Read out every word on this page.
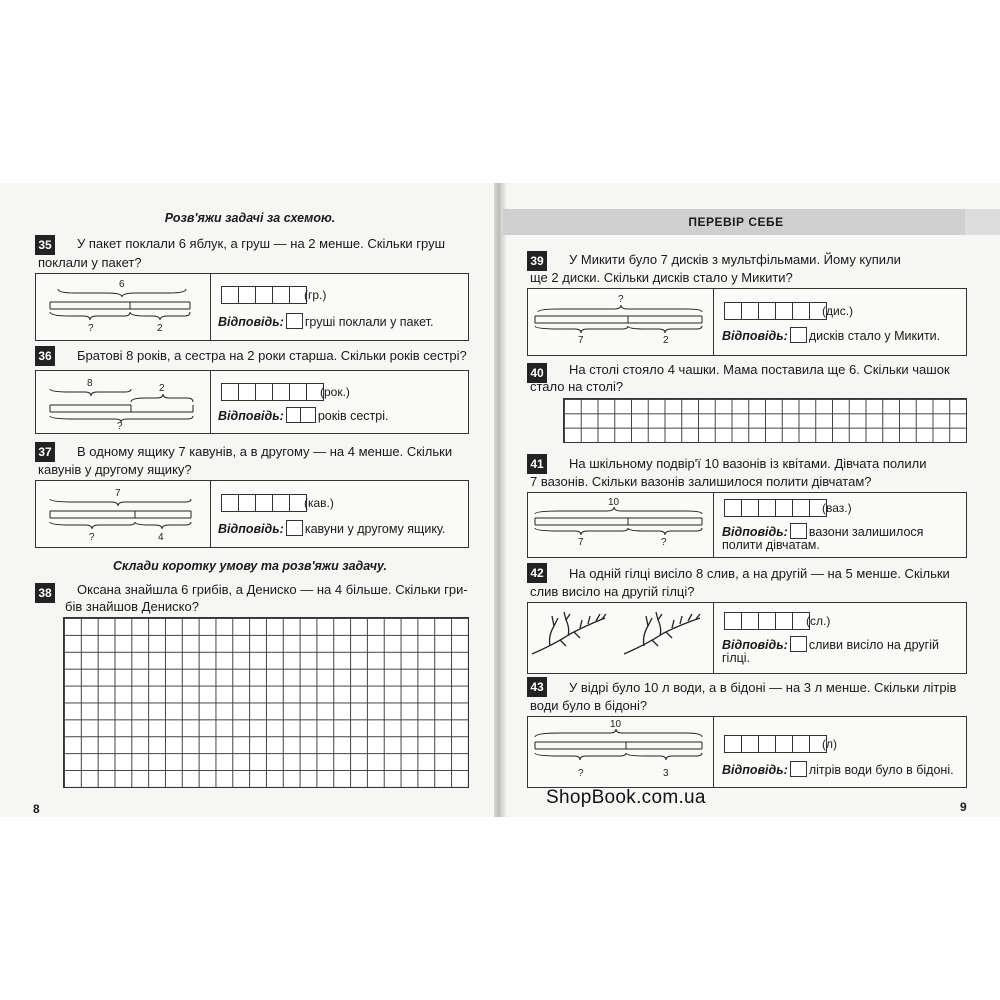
Розв'яжи задачі за схемою.
35 У пакет поклали 6 яблук, а груш — на 2 менше. Скільки груш
поклали у пакет?
6
?	2
(гр.)
Відповідь: груші поклали у пакет.
36 Братові 8 років, а сестра на 2 роки старша. Скільки років сестрі?
8	2
?
(рок.)
Відповідь:	років сестрі.
37 В одному ящику 7 кавунів, а в другому — на 4 менше. Скільки
кавунів у другому ящику?
7
?	4
(кав.)
Відповідь: кавуни у другому ящику.
Склади коротку умову та розв'яжи задачу.
38 Оксана знайшла 6 грибів, а Дениско — на 4 більше. Скільки гри-
бів знайшов Дениско?
8
ПЕРЕВІР СЕБЕ
39 У Микити було 7 дисків з мультфільмами. Йому купили
ще 2 диски. Скільки дисків стало у Микити?
?
7	2
(дис.)
Відповідь: дисків стало у Микити.
40 На столі стояло 4 чашки. Мама поставила ще 6. Скільки чашок
стало на столі?
41 На шкільному подвір'ї 10 вазонів із квітами. Дівчата полили
7 вазонів. Скільки вазонів залишилося полити дівчатам?
10
7	?
(ваз.)
Відповідь: вазони залишилося
полити дівчатам.
42 На одній гілці висіло 8 слив, а на другій — на 5 менше. Скільки
слив висіло на другій гілці?
(сл.)
Відповідь: сливи висіло на другій
гілці.
43 У відрі було 10 л води, а в бідоні — на 3 л менше. Скільки літрів
води було в бідоні?
10
?	3
(л)
Відповідь: літрів води було в бідоні.
9
ShopBook.com.ua
